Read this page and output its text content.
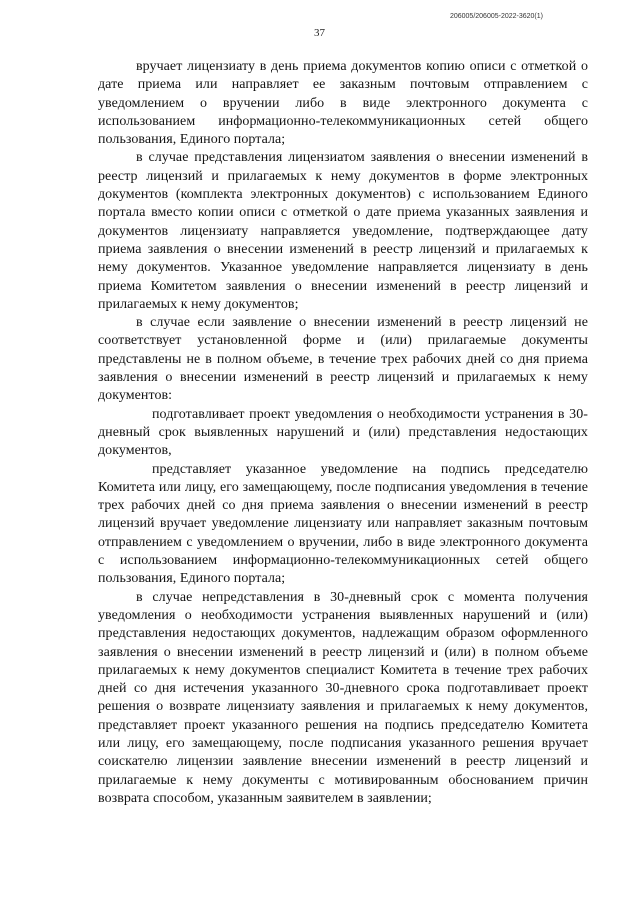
206005/206005-2022-3620(1)
37

вручает лицензиату в день приема документов копию описи с отметкой о дате приема или направляет ее заказным почтовым отправлением с уведомлением о вручении либо в виде электронного документа с использованием информационно-телекоммуникационных сетей общего пользования, Единого портала;

в случае представления лицензиатом заявления о внесении изменений в реестр лицензий и прилагаемых к нему документов в форме электронных документов (комплекта электронных документов) с использованием Единого портала вместо копии описи с отметкой о дате приема указанных заявления и документов лицензиату направляется уведомление, подтверждающее дату приема заявления о внесении изменений в реестр лицензий и прилагаемых к нему документов. Указанное уведомление направляется лицензиату в день приема Комитетом заявления о внесении изменений в реестр лицензий и прилагаемых к нему документов;

в случае если заявление о внесении изменений в реестр лицензий не соответствует установленной форме и (или) прилагаемые документы представлены не в полном объеме, в течение трех рабочих дней со дня приема заявления о внесении изменений в реестр лицензий и прилагаемых к нему документов:

подготавливает проект уведомления о необходимости устранения в 30-дневный срок выявленных нарушений и (или) представления недостающих документов,

представляет указанное уведомление на подпись председателю Комитета или лицу, его замещающему, после подписания уведомления в течение трех рабочих дней со дня приема заявления о внесении изменений в реестр лицензий вручает уведомление лицензиату или направляет заказным почтовым отправлением с уведомлением о вручении, либо в виде электронного документа с использованием информационно-телекоммуникационных сетей общего пользования, Единого портала;

в случае непредставления в 30-дневный срок с момента получения уведомления о необходимости устранения выявленных нарушений и (или) представления недостающих документов, надлежащим образом оформленного заявления о внесении изменений в реестр лицензий и (или) в полном объеме прилагаемых к нему документов специалист Комитета в течение трех рабочих дней со дня истечения указанного 30-дневного срока подготавливает проект решения о возврате лицензиату заявления и прилагаемых к нему документов, представляет проект указанного решения на подпись председателю Комитета или лицу, его замещающему, после подписания указанного решения вручает соискателю лицензии заявление внесении изменений в реестр лицензий и прилагаемые к нему документы с мотивированным обоснованием причин возврата способом, указанным заявителем в заявлении;
